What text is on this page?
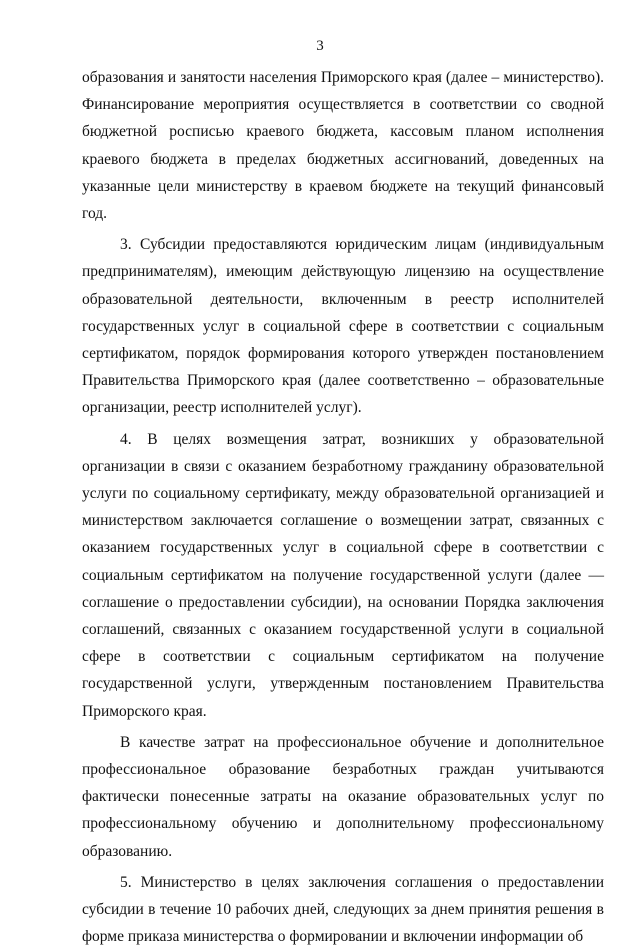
3

образования и занятости населения Приморского края (далее – министерство). Финансирование мероприятия осуществляется в соответствии со сводной бюджетной росписью краевого бюджета, кассовым планом исполнения краевого бюджета в пределах бюджетных ассигнований, доведенных на указанные цели министерству в краевом бюджете на текущий финансовый год.

3. Субсидии предоставляются юридическим лицам (индивидуальным предпринимателям), имеющим действующую лицензию на осуществление образовательной деятельности, включенным в реестр исполнителей государственных услуг в социальной сфере в соответствии с социальным сертификатом, порядок формирования которого утвержден постановлением Правительства Приморского края (далее соответственно – образовательные организации, реестр исполнителей услуг).

4. В целях возмещения затрат, возникших у образовательной организации в связи с оказанием безработному гражданину образовательной услуги по социальному сертификату, между образовательной организацией и министерством заключается соглашение о возмещении затрат, связанных с оказанием государственных услуг в социальной сфере в соответствии с социальным сертификатом на получение государственной услуги (далее — соглашение о предоставлении субсидии), на основании Порядка заключения соглашений, связанных с оказанием государственной услуги в социальной сфере в соответствии с социальным сертификатом на получение государственной услуги, утвержденным постановлением Правительства Приморского края.

В качестве затрат на профессиональное обучение и дополнительное профессиональное образование безработных граждан учитываются фактически понесенные затраты на оказание образовательных услуг по профессиональному обучению и дополнительному профессиональному образованию.

5. Министерство в целях заключения соглашения о предоставлении субсидии в течение 10 рабочих дней, следующих за днем принятия решения в форме приказа министерства о формировании и включении информации об
